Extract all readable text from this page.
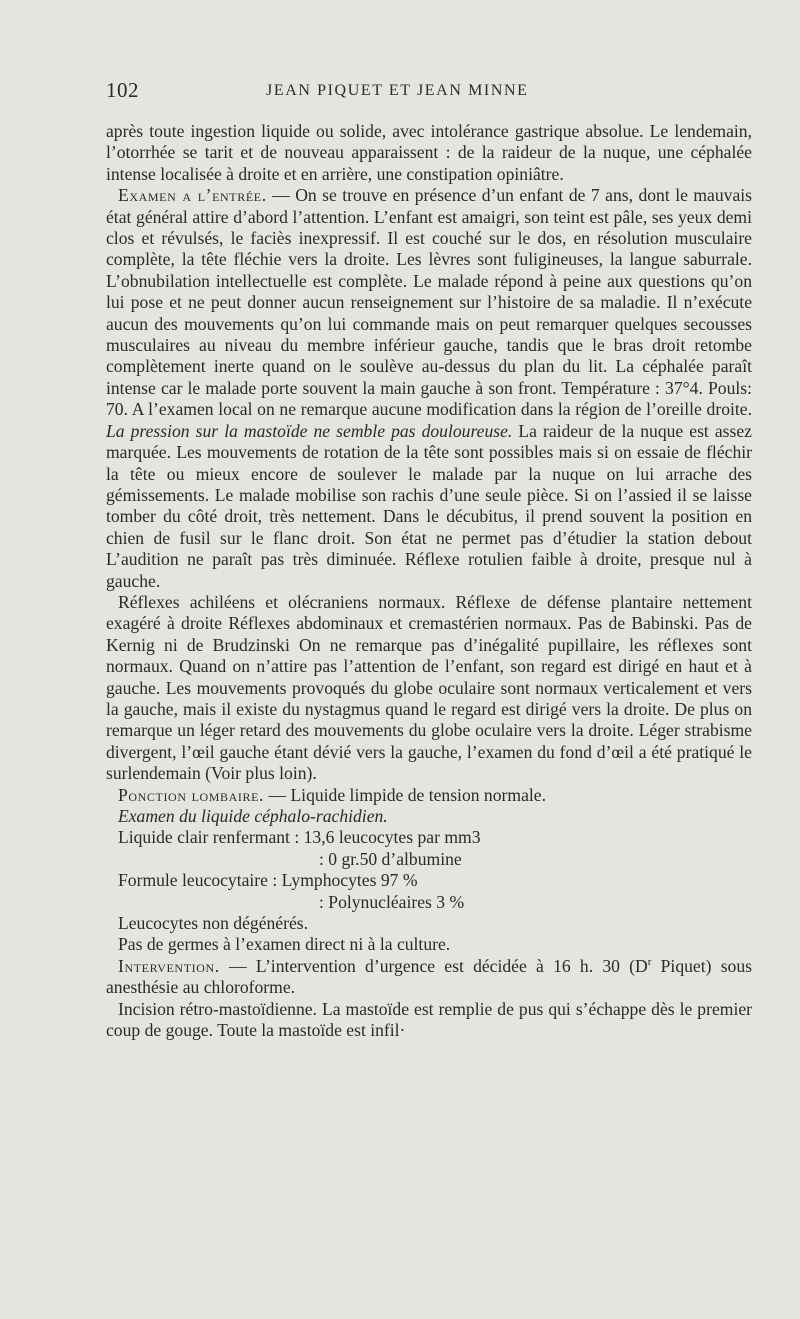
102	JEAN PIQUET ET JEAN MINNE

après toute ingestion liquide ou solide, avec intolérance gastrique absolue. Le lendemain, l’otorrhée se tarit et de nouveau apparaissent : de la raideur de la nuque, une céphalée intense localisée à droite et en arrière, une constipation opiniâtre.

Examen a l’entrée. — On se trouve en présence d’un enfant de 7 ans, dont le mauvais état général attire d’abord l’attention. L’enfant est amaigri, son teint est pâle, ses yeux demi clos et révulsés, le faciès inexpressif. Il est couché sur le dos, en résolution musculaire complète, la tête fléchie vers la droite. Les lèvres sont fuligineuses, la langue saburrale. L’obnubilation intellectuelle est complète. Le malade répond à peine aux questions qu’on lui pose et ne peut donner aucun renseignement sur l’histoire de sa maladie. Il n’exécute aucun des mouvements qu’on lui commande mais on peut remarquer quelques secousses musculaires au niveau du membre inférieur gauche, tandis que le bras droit retombe complètement inerte quand on le soulève au-dessus du plan du lit. La céphalée paraît intense car le malade porte souvent la main gauche à son front. Température : 37°4. Pouls: 70. A l’examen local on ne remarque aucune modification dans la région de l’oreille droite. La pression sur la mastoïde ne semble pas douloureuse. La raideur de la nuque est assez marquée. Les mouvements de rotation de la tête sont possibles mais si on essaie de fléchir la tête ou mieux encore de soulever le malade par la nuque on lui arrache des gémissements. Le malade mobilise son rachis d’une seule pièce. Si on l’assied il se laisse tomber du côté droit, très nettement. Dans le décubitus, il prend souvent la position en chien de fusil sur le flanc droit. Son état ne permet pas d’étudier la station debout L’audition ne paraît pas très diminuée. Réflexe rotulien faible à droite, presque nul à gauche.

Réflexes achiléens et olécraniens normaux. Réflexe de défense plantaire nettement exagéré à droite Réflexes abdominaux et cremastérien normaux. Pas de Babinski. Pas de Kernig ni de Brudzinski On ne remarque pas d’inégalité pupillaire, les réflexes sont normaux. Quand on n’attire pas l’attention de l’enfant, son regard est dirigé en haut et à gauche. Les mouvements provoqués du globe oculaire sont normaux verticalement et vers la gauche, mais il existe du nystagmus quand le regard est dirigé vers la droite. De plus on remarque un léger retard des mouvements du globe oculaire vers la droite. Léger strabisme divergent, l’œil gauche étant dévié vers la gauche, l’examen du fond d’œil a été pratiqué le surlendemain (Voir plus loin).

Ponction lombaire. — Liquide limpide de tension normale.

Examen du liquide céphalo-rachidien.

Liquide clair renfermant : 13,6 leucocytes par mm3
: 0 gr.50 d’albumine
Formule leucocytaire : Lymphocytes 97 %
: Polynucléaires 3 %
Leucocytes non dégénérés.
Pas de germes à l’examen direct ni à la culture.

Intervention. — L’intervention d’urgence est décidée à 16 h. 30 ($D^r$ Piquet) sous anesthésie au chloroforme.

Incision rétro-mastoïdienne. La mastoïde est remplie de pus qui s’échappe dès le premier coup de gouge. Toute la mastoïde est infil·
